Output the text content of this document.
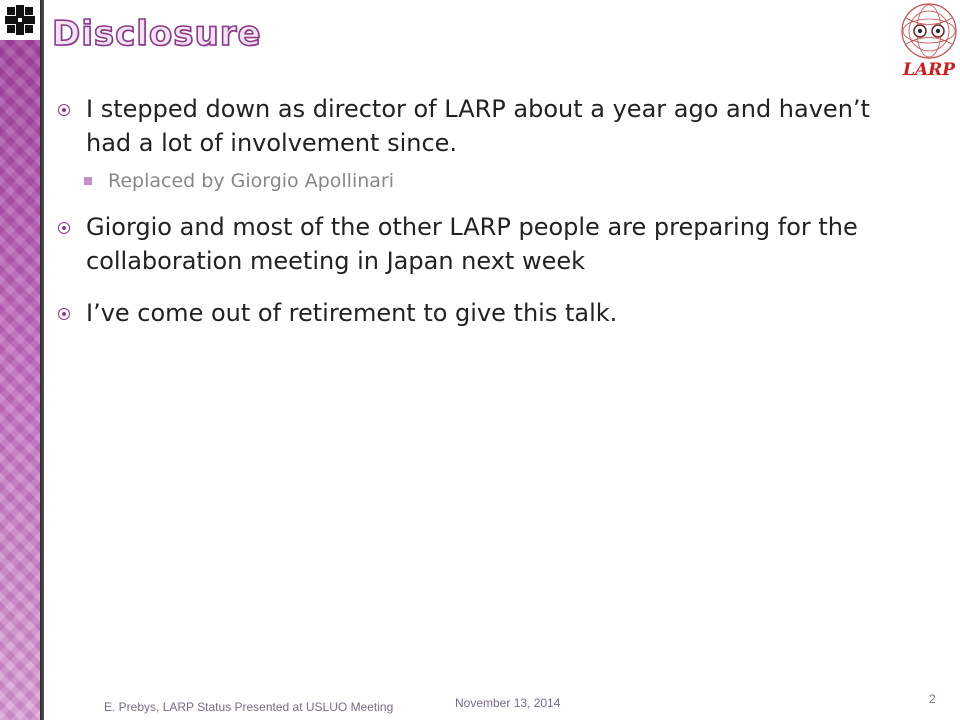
Disclosure
LARP
I stepped down as director of LARP about a year ago and haven’t had a lot of involvement since.
Replaced by Giorgio Apollinari
Giorgio and most of the other LARP people are preparing for the collaboration meeting in Japan next week
I’ve come out of retirement to give this talk.
E. Prebys, LARP Status Presented at USLUO Meeting	November 13, 2014	2
